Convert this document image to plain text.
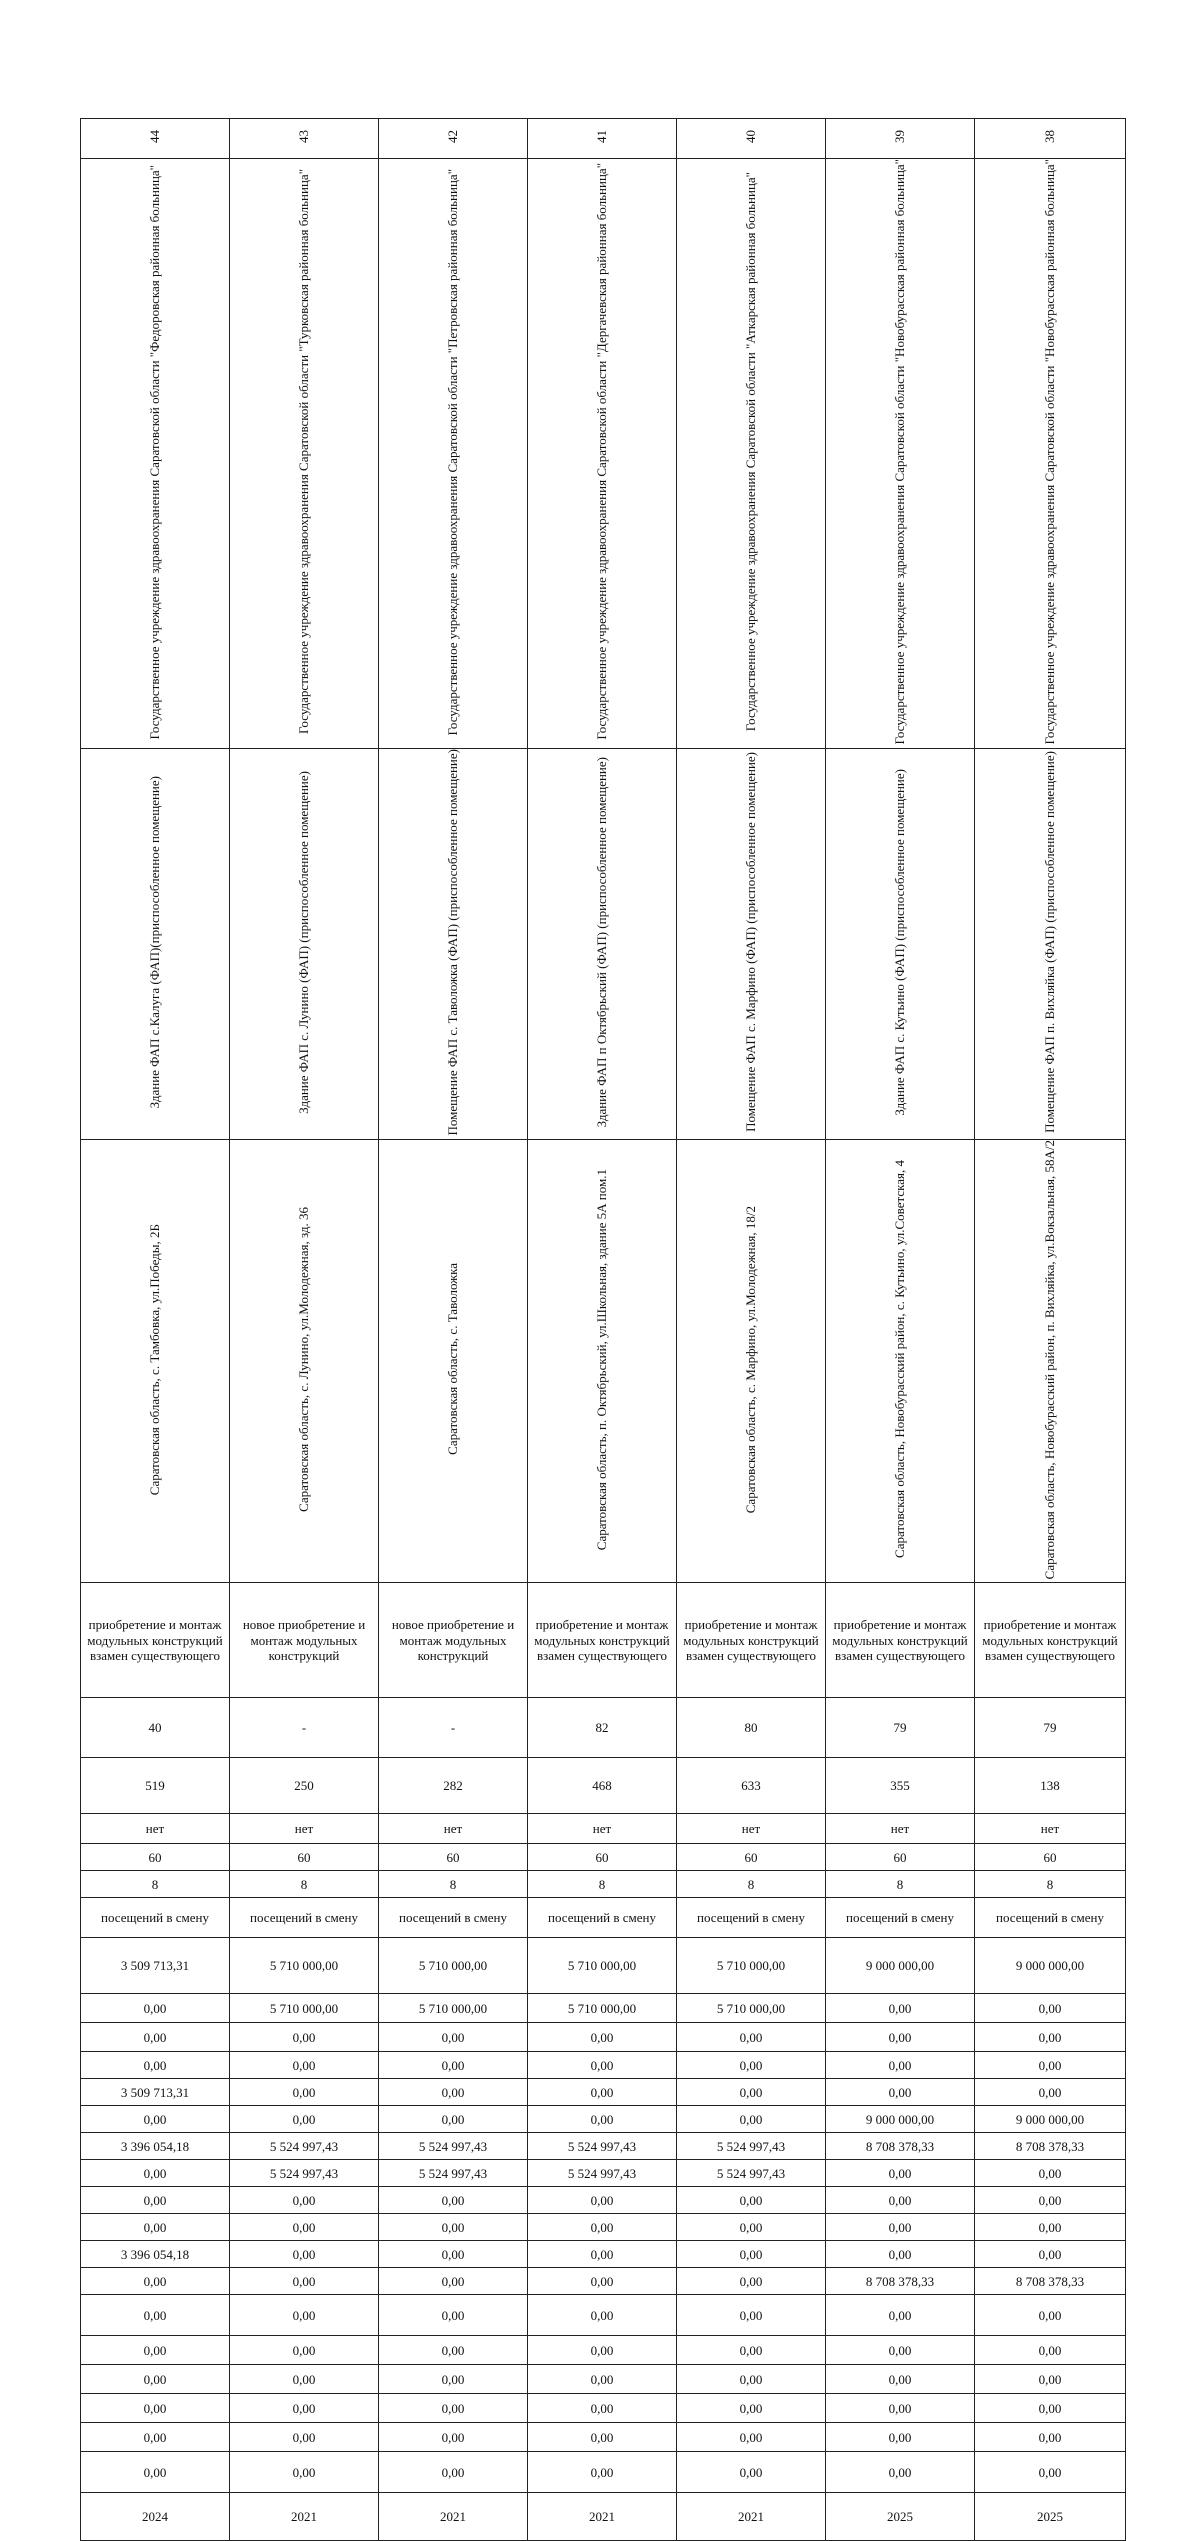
44	43	42	41	40	39	38
Государственное учреждение здравоохранения Саратовской области "Федоровская районная больница"	Государственное учреждение здравоохранения Саратовской области "Турковская районная больница"	Государственное учреждение здравоохранения Саратовской области "Петровская районная больница"	Государственное учреждение здравоохранения Саратовской области "Дергачевская районная больница"	Государственное учреждение здравоохранения Саратовской области "Аткарская районная больница"	Государственное учреждение здравоохранения Саратовской области "Новобурасская районная больница"	Государственное учреждение здравоохранения Саратовской области "Новобурасская районная больница"
Здание ФАП с.Калуга (ФАП)(приспособленное помещение)	Здание ФАП с. Лунино (ФАП) (приспособленное помещение)	Помещение ФАП с. Таволожка (ФАП) (приспособленное помещение)	Здание ФАП п Октябрьский (ФАП) (приспособленное помещение)	Помещение ФАП с. Марфино (ФАП) (приспособленное помещение)	Здание ФАП с. Кутьино (ФАП) (приспособленное помещение)	Помещение ФАП п. Вихляйка (ФАП) (приспособленное помещение)
Саратовская область, с. Тамбовка, ул.Победы, 2Б	Саратовская область, с. Лунино, ул.Молодежная, зд. 36	Саратовская область, с. Таволожка	Саратовская область, п. Октябрьский, ул.Школьная, здание 5А пом.1	Саратовская область, с. Марфино, ул.Молодежная, 18/2	Саратовская область, Новобурасский район, с. Кутьино, ул.Советская, 4	Саратовская область, Новобурасский район, п. Вихляйка, ул.Вокзальная, 58А/2
приобретение и монтаж модульных конструкций взамен существующего	новое приобретение и монтаж модульных конструкций	новое приобретение и монтаж модульных конструкций	приобретение и монтаж модульных конструкций взамен существующего	приобретение и монтаж модульных конструкций взамен существующего	приобретение и монтаж модульных конструкций взамен существующего	приобретение и монтаж модульных конструкций взамен существующего
40	-	-	82	80	79	79
519	250	282	468	633	355	138
нет	нет	нет	нет	нет	нет	нет
60	60	60	60	60	60	60
8	8	8	8	8	8	8
посещений в смену	посещений в смену	посещений в смену	посещений в смену	посещений в смену	посещений в смену	посещений в смену
3 509 713,31	5 710 000,00	5 710 000,00	5 710 000,00	5 710 000,00	9 000 000,00	9 000 000,00
0,00	5 710 000,00	5 710 000,00	5 710 000,00	5 710 000,00	0,00	0,00
0,00	0,00	0,00	0,00	0,00	0,00	0,00
0,00	0,00	0,00	0,00	0,00	0,00	0,00
3 509 713,31	0,00	0,00	0,00	0,00	0,00	0,00
0,00	0,00	0,00	0,00	0,00	9 000 000,00	9 000 000,00
3 396 054,18	5 524 997,43	5 524 997,43	5 524 997,43	5 524 997,43	8 708 378,33	8 708 378,33
0,00	5 524 997,43	5 524 997,43	5 524 997,43	5 524 997,43	0,00	0,00
0,00	0,00	0,00	0,00	0,00	0,00	0,00
0,00	0,00	0,00	0,00	0,00	0,00	0,00
3 396 054,18	0,00	0,00	0,00	0,00	0,00	0,00
0,00	0,00	0,00	0,00	0,00	8 708 378,33	8 708 378,33
0,00	0,00	0,00	0,00	0,00	0,00	0,00
0,00	0,00	0,00	0,00	0,00	0,00	0,00
0,00	0,00	0,00	0,00	0,00	0,00	0,00
0,00	0,00	0,00	0,00	0,00	0,00	0,00
0,00	0,00	0,00	0,00	0,00	0,00	0,00
0,00	0,00	0,00	0,00	0,00	0,00	0,00
2024	2021	2021	2021	2021	2025	2025
